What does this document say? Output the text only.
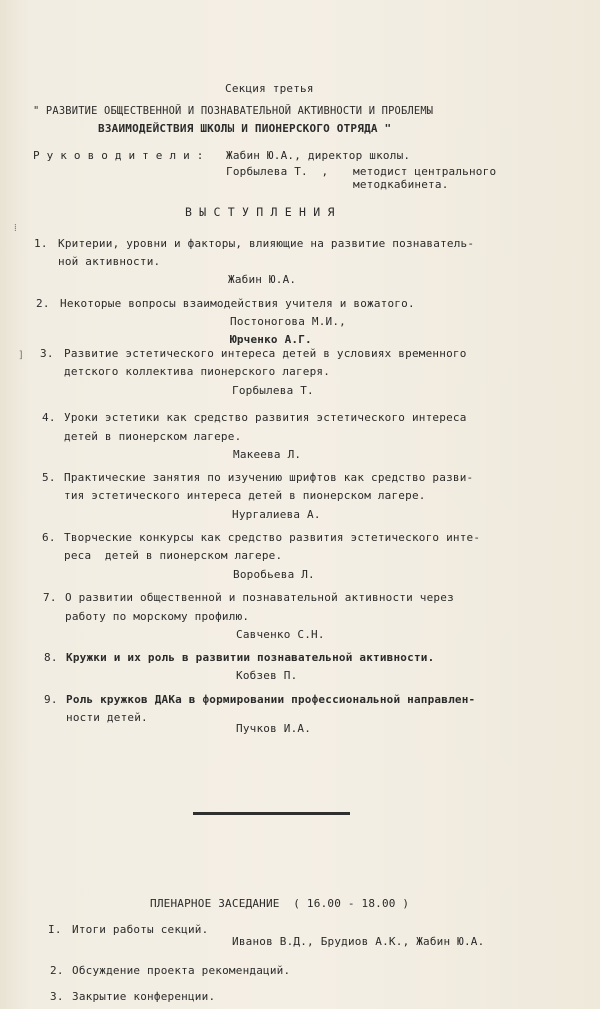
⁞
]
Секция третья
" РАЗВИТИЕ ОБЩЕСТВЕННОЙ И ПОЗНАВАТЕЛЬНОЙ АКТИВНОСТИ И ПРОБЛЕМЫ
ВЗАИМОДЕЙСТВИЯ ШКОЛЫ И ПИОНЕРСКОГО ОТРЯДА "
Р у к о в о д и т е л и : Жабин Ю.А., директор школы.
Горбылева Т.  , методист центрального
методкабинета.
В Ы С Т У П Л Е Н И Я
1. Критерии, уровни и факторы, влияющие на развитие познаватель-
ной активности.
Жабин Ю.А.
2. Некоторые вопросы взаимодействия учителя и вожатого.
Постоногова М.И.,
Юрченко А.Г.
3. Развитие эстетического интереса детей в условиях временного
детского коллектива пионерского лагеря.
Горбылева Т.
4. Уроки эстетики как средство развития эстетического интереса
детей в пионерском лагере.
Макеева Л.
5. Практические занятия по изучению шрифтов как средство разви-
тия эстетического интереса детей в пионерском лагере.
Нургалиева А.
6. Творческие конкурсы как средство развития эстетического инте-
реса  детей в пионерском лагере.
Воробьева Л.
7. О развитии общественной и познавательной активности через
работу по морскому профилю.
Савченко С.Н.
8. Кружки и их роль в развитии познавательной активности.
Кобзев П.
9. Роль кружков ДАКа в формировании профессиональной направлен-
ности детей.
Пучков И.А.
ПЛЕНАРНОЕ ЗАСЕДАНИЕ  ( 16.00 - 18.00 )
I. Итоги работы секций.
Иванов В.Д., Брудиов А.К., Жабин Ю.А.
2. Обсуждение проекта рекомендаций.
3. Закрытие конференции.
